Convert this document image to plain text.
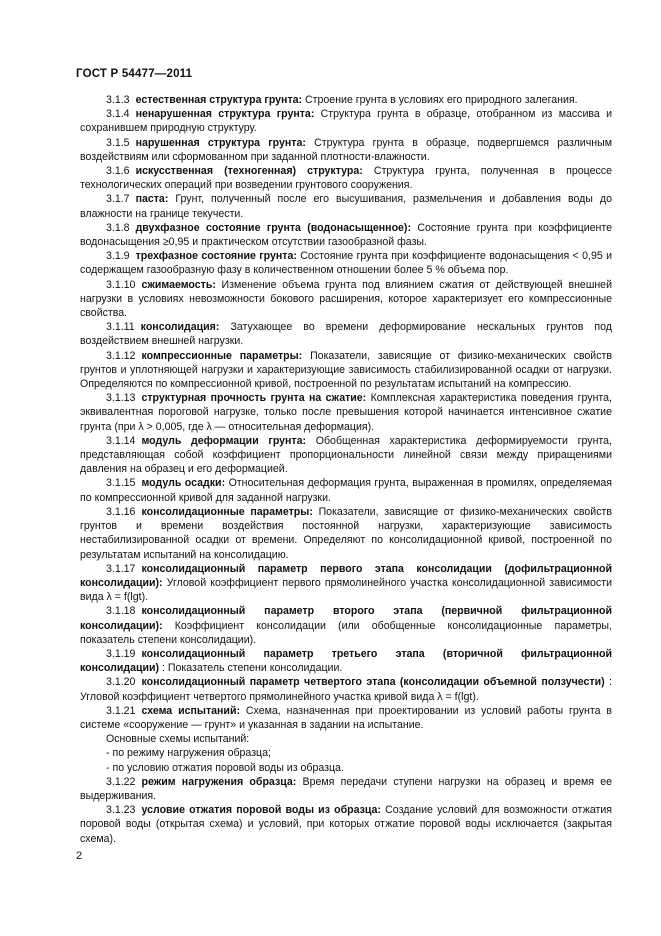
ГОСТ Р 54477—2011

3.1.3 естественная структура грунта: Строение грунта в условиях его природного залегания.

3.1.4 ненарушенная структура грунта: Структура грунта в образце, отобранном из массива и сохранившем природную структуру.

3.1.5 нарушенная структура грунта: Структура грунта в образце, подвергшемся различным воздействиям или сформованном при заданной плотности-влажности.

3.1.6 искусственная (техногенная) структура: Структура грунта, полученная в процессе технологических операций при возведении грунтового сооружения.

3.1.7 паста: Грунт, полученный после его высушивания, размельчения и добавления воды до влажности на границе текучести.

3.1.8 двухфазное состояние грунта (водонасыщенное): Состояние грунта при коэффициенте водонасыщения ≥0,95 и практическом отсутствии газообразной фазы.

3.1.9 трехфазное состояние грунта: Состояние грунта при коэффициенте водонасыщения < 0,95 и содержащем газообразную фазу в количественном отношении более 5 % объема пор.

3.1.10 сжимаемость: Изменение объема грунта под влиянием сжатия от действующей внешней нагрузки в условиях невозможности бокового расширения, которое характеризует его компрессионные свойства.

3.1.11 консолидация: Затухающее во времени деформирование нескальных грунтов под воздействием внешней нагрузки.

3.1.12 компрессионные параметры: Показатели, зависящие от физико-механических свойств грунтов и уплотняющей нагрузки и характеризующие зависимость стабилизированной осадки от нагрузки. Определяются по компрессионной кривой, построенной по результатам испытаний на компрессию.

3.1.13 структурная прочность грунта на сжатие: Комплексная характеристика поведения грунта, эквивалентная пороговой нагрузке, только после превышения которой начинается интенсивное сжатие грунта (при λ > 0,005, где λ — относительная деформация).

3.1.14 модуль деформации грунта: Обобщенная характеристика деформируемости грунта, представляющая собой коэффициент пропорциональности линейной связи между приращениями давления на образец и его деформацией.

3.1.15 модуль осадки: Относительная деформация грунта, выраженная в промилях, определяемая по компрессионной кривой для заданной нагрузки.

3.1.16 консолидационные параметры: Показатели, зависящие от физико-механических свойств грунтов и времени воздействия постоянной нагрузки, характеризующие зависимость нестабилизированной осадки от времени. Определяют по консолидационной кривой, построенной по результатам испытаний на консолидацию.

3.1.17 консолидационный параметр первого этапа консолидации (дофильтрационной консолидации): Угловой коэффициент первого прямолинейного участка консолидационной зависимости вида λ = f(lgt).

3.1.18 консолидационный параметр второго этапа (первичной фильтрационной консолидации): Коэффициент консолидации (или обобщенные консолидационные параметры, показатель степени консолидации).

3.1.19 консолидационный параметр третьего этапа (вторичной фильтрационной консолидации) : Показатель степени консолидации.

3.1.20 консолидационный параметр четвертого этапа (консолидации объемной ползучести) : Угловой коэффициент четвертого прямолинейного участка кривой вида λ = f(lgt).

3.1.21 схема испытаний: Схема, назначенная при проектировании из условий работы грунта в системе «сооружение — грунт» и указанная в задании на испытание.

Основные схемы испытаний:

- по режиму нагружения образца;

- по условию отжатия поровой воды из образца.

3.1.22 режим нагружения образца: Время передачи ступени нагрузки на образец и время ее выдерживания.

3.1.23 условие отжатия поровой воды из образца: Создание условий для возможности отжатия поровой воды (открытая схема) и условий, при которых отжатие поровой воды исключается (закрытая схема).

2
